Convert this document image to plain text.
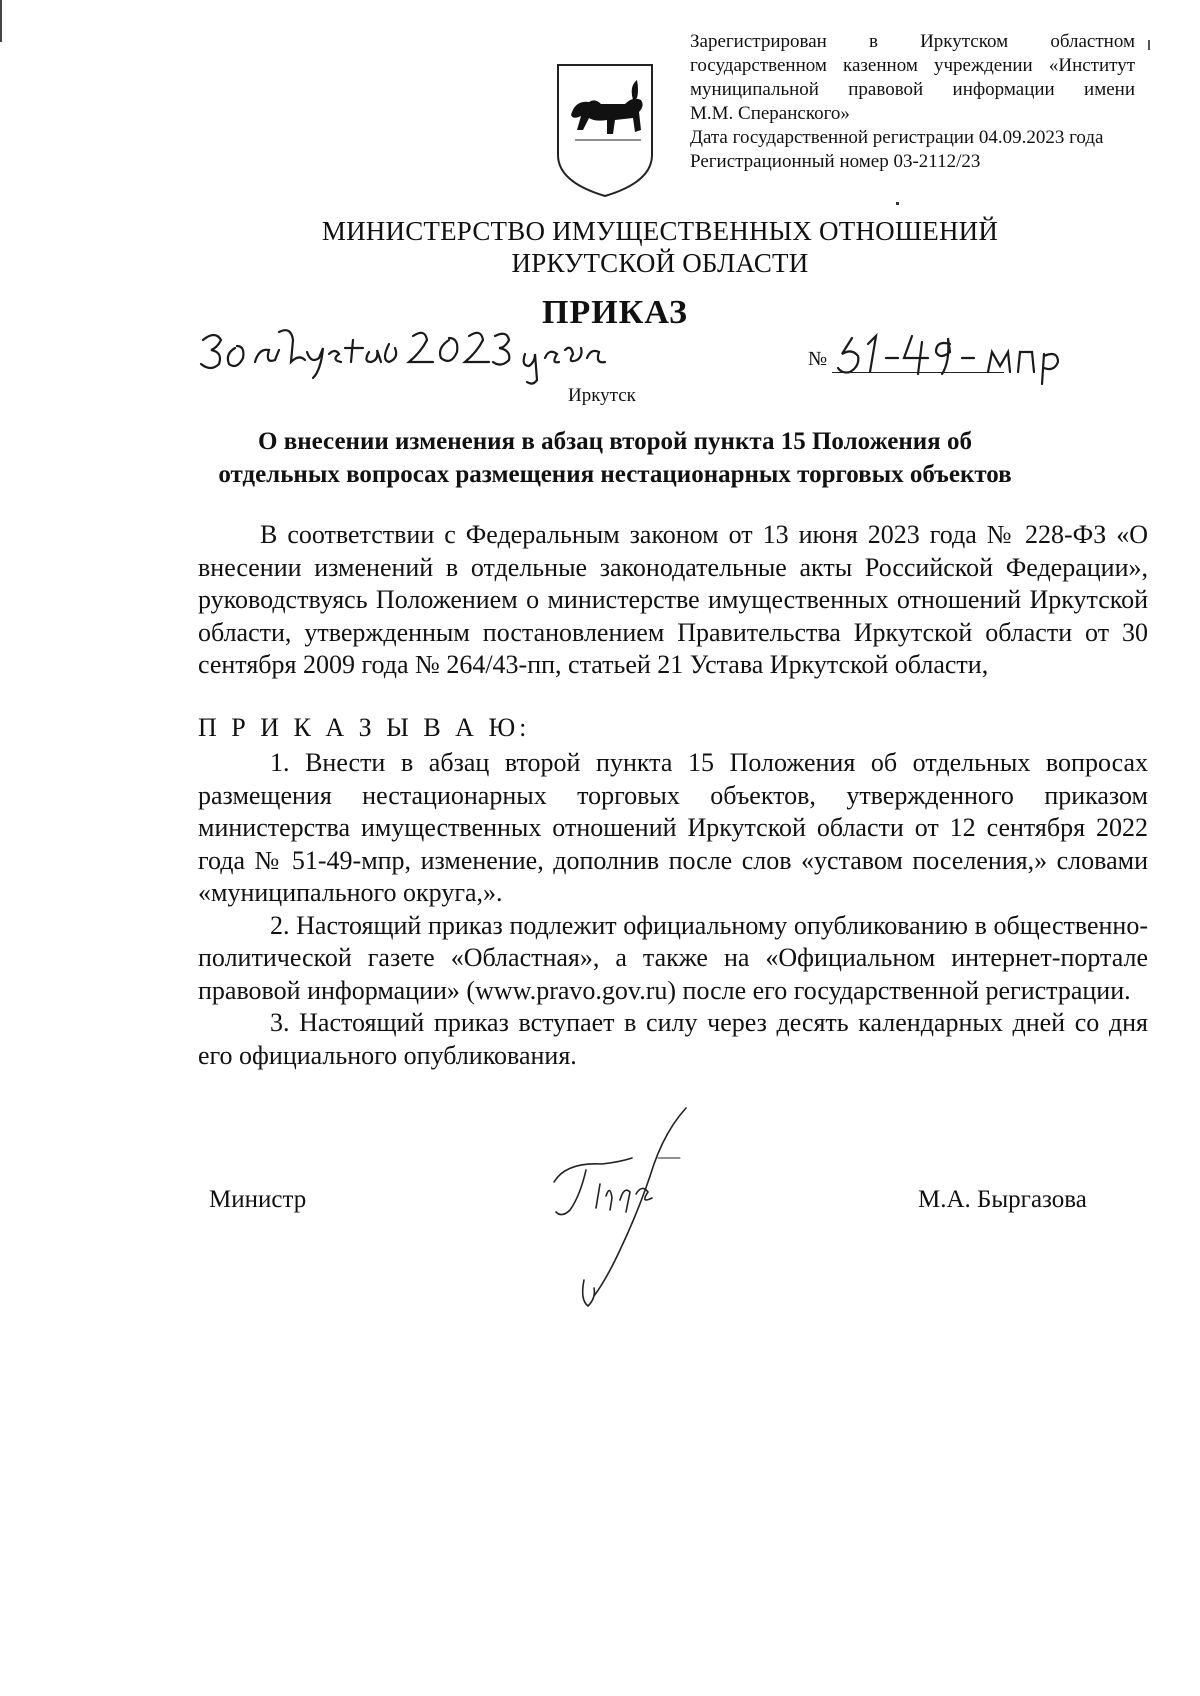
Зарегистрирован в Иркутском областном
государственном казенном учреждении «Институт
муниципальной правовой информации имени
М.М. Сперанского»
Дата государственной регистрации 04.09.2023 года
Регистрационный номер 03-2112/23
МИНИСТЕРСТВО ИМУЩЕСТВЕННЫХ ОТНОШЕНИЙ
ИРКУТСКОЙ ОБЛАСТИ
ПРИКАЗ
№
Иркутск
О внесении изменения в абзац второй пункта 15 Положения об
отдельных вопросах размещения нестационарных торговых объектов

В соответствии с Федеральным законом от 13 июня 2023 года № 228-ФЗ «О внесении изменений в отдельные законодательные акты Российской Федерации», руководствуясь Положением о министерстве имущественных отношений Иркутской области, утвержденным постановлением Правительства Иркутской области от 30 сентября 2009 года № 264/43-пп, статьей 21 Устава Иркутской области,

П Р И К А З Ы В А Ю:

1. Внести в абзац второй пункта 15 Положения об отдельных вопросах размещения нестационарных торговых объектов, утвержденного приказом министерства имущественных отношений Иркутской области от 12 сентября 2022 года № 51-49-мпр, изменение, дополнив после слов «уставом поселения,» словами «муниципального округа,».

2. Настоящий приказ подлежит официальному опубликованию в общественно-политической газете «Областная», а также на «Официальном интернет-портале правовой информации» (www.pravo.gov.ru) после его государственной регистрации.

3. Настоящий приказ вступает в силу через десять календарных дней со дня его официального опубликования.

Министр	М.А. Быргазова
